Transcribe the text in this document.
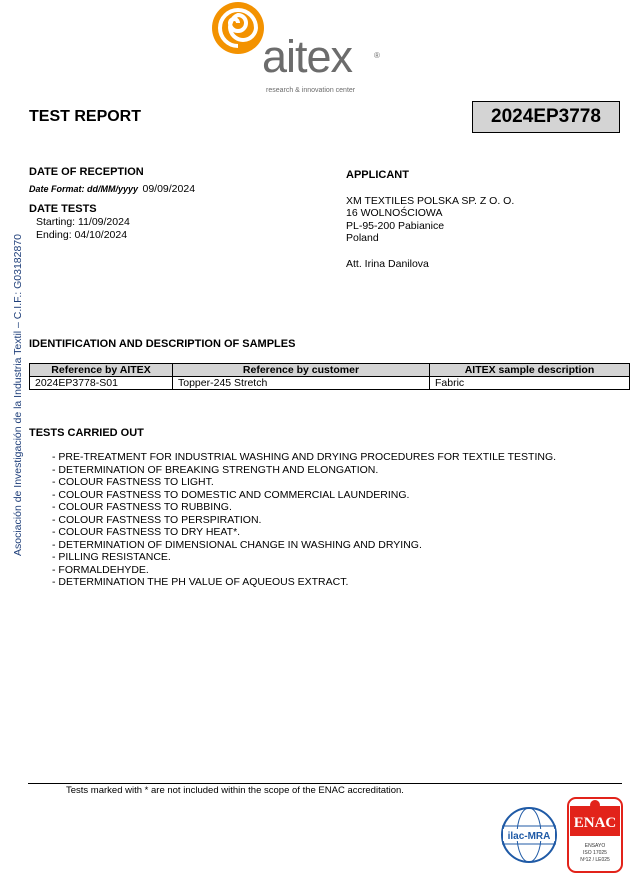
aitex	®
research & innovation center
Asociación de Investigación de la Industria Textil – C.I.F.: G03182870
TEST REPORT	2024EP3778
DATE OF RECEPTION
Date Format: dd/MM/yyyy 09/09/2024
DATE TESTS
Starting: 11/09/2024
Ending: 04/10/2024
APPLICANT
XM TEXTILES POLSKA SP. Z O. O.
16 WOLNOŚCIOWA
PL-95-200 Pabianice
Poland
Att. Irina Danilova
IDENTIFICATION AND DESCRIPTION OF SAMPLES
Reference by AITEX	Reference by customer	AITEX sample description
2024EP3778-S01	Topper-245 Stretch	Fabric
TESTS CARRIED OUT
- PRE-TREATMENT FOR INDUSTRIAL WASHING AND DRYING PROCEDURES FOR TEXTILE TESTING.
- DETERMINATION OF BREAKING STRENGTH AND ELONGATION.
- COLOUR FASTNESS TO LIGHT.
- COLOUR FASTNESS TO DOMESTIC AND COMMERCIAL LAUNDERING.
- COLOUR FASTNESS TO RUBBING.
- COLOUR FASTNESS TO PERSPIRATION.
- COLOUR FASTNESS TO DRY HEAT*.
- DETERMINATION OF DIMENSIONAL CHANGE IN WASHING AND DRYING.
- PILLING RESISTANCE.
- FORMALDEHYDE.
- DETERMINATION THE PH VALUE OF AQUEOUS EXTRACT.
Tests marked with * are not included within the scope of the ENAC accreditation.
ilac-MRA
ENAC
ENSAYO
ISO 17025
Nº12 / LE025
